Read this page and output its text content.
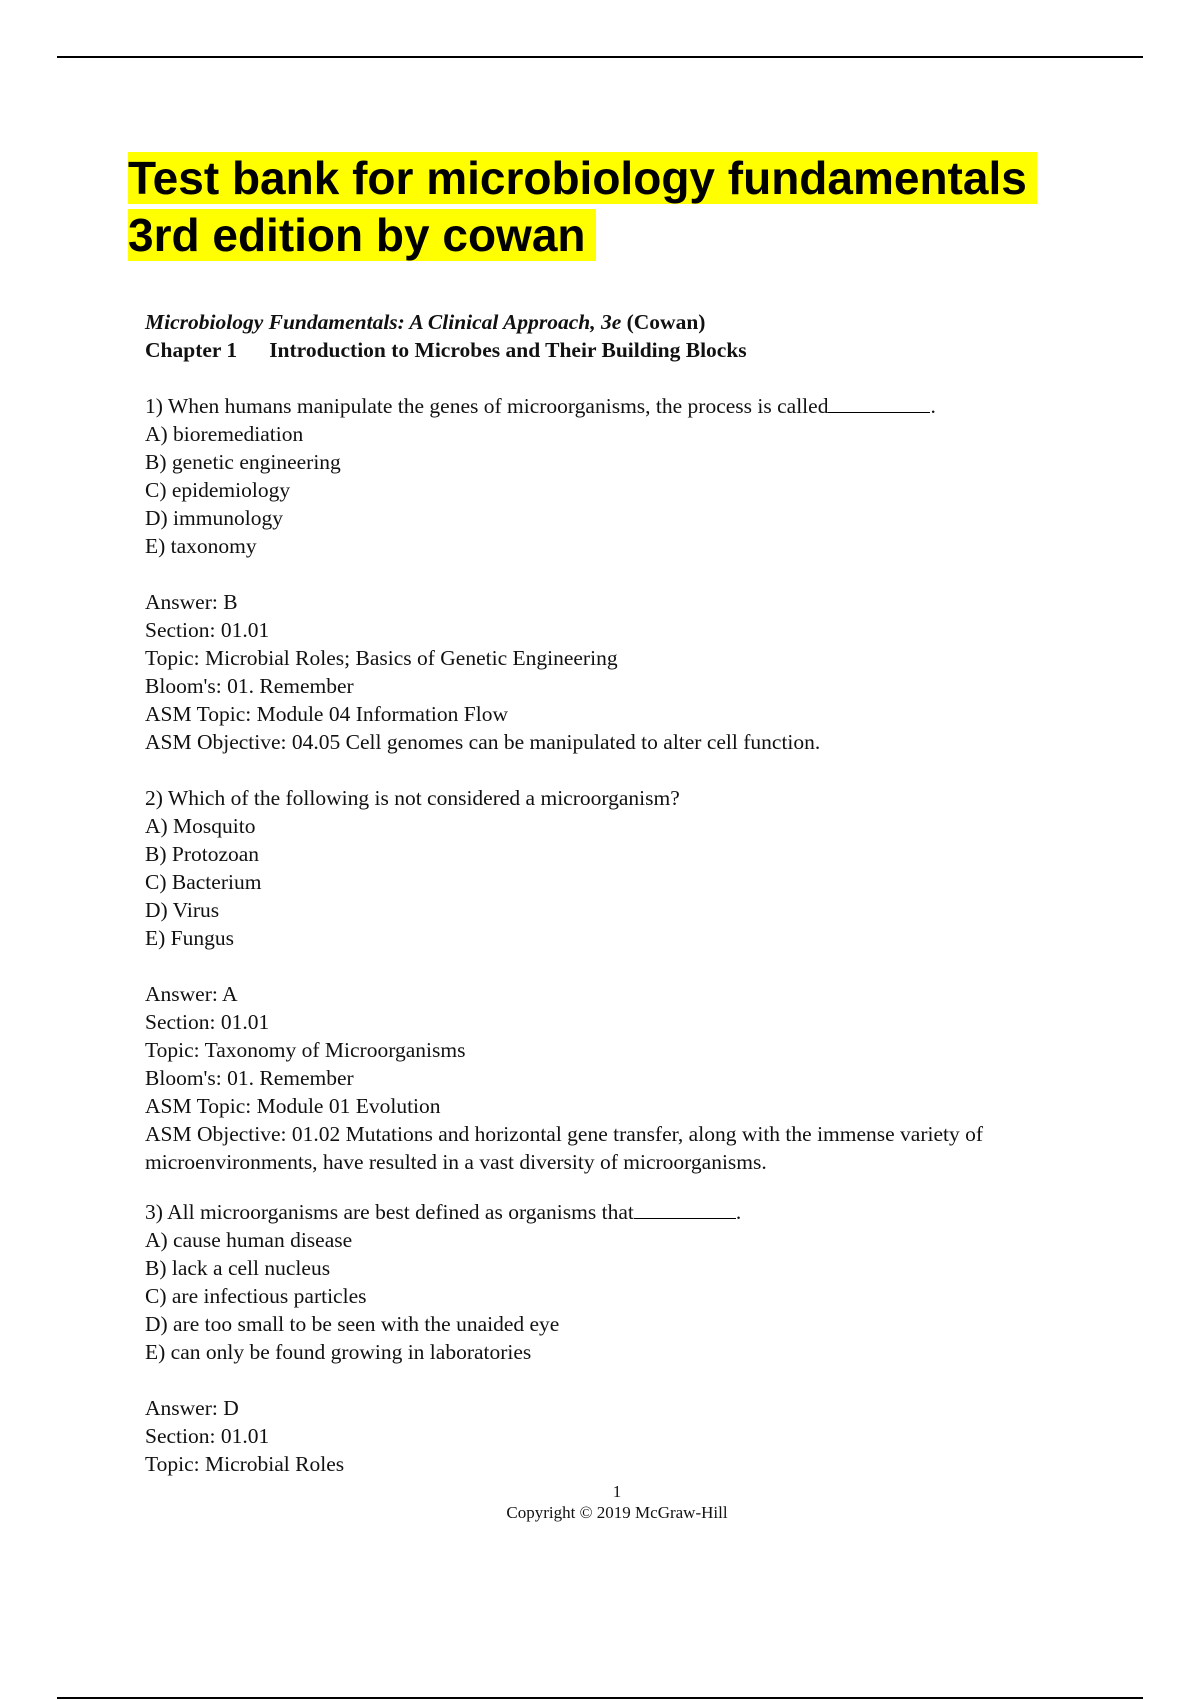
Test bank for microbiology fundamentals
3rd edition by cowan

Microbiology Fundamentals: A Clinical Approach, 3e (Cowan)

Chapter 1 Introduction to Microbes and Their Building Blocks

1) When humans manipulate the genes of microorganisms, the process is called	.

A) bioremediation

B) genetic engineering

C) epidemiology

D) immunology

E) taxonomy

Answer: B

Section: 01.01

Topic: Microbial Roles; Basics of Genetic Engineering

Bloom's: 01. Remember

ASM Topic: Module 04 Information Flow

ASM Objective: 04.05 Cell genomes can be manipulated to alter cell function.

2) Which of the following is not considered a microorganism?

A) Mosquito

B) Protozoan

C) Bacterium

D) Virus

E) Fungus

Answer: A

Section: 01.01

Topic: Taxonomy of Microorganisms

Bloom's: 01. Remember

ASM Topic: Module 01 Evolution

ASM Objective: 01.02 Mutations and horizontal gene transfer, along with the immense variety of

microenvironments, have resulted in a vast diversity of microorganisms.

3) All microorganisms are best defined as organisms that	.

A) cause human disease

B) lack a cell nucleus

C) are infectious particles

D) are too small to be seen with the unaided eye

E) can only be found growing in laboratories

Answer: D

Section: 01.01

Topic: Microbial Roles

1
Copyright © 2019 McGraw-Hill
